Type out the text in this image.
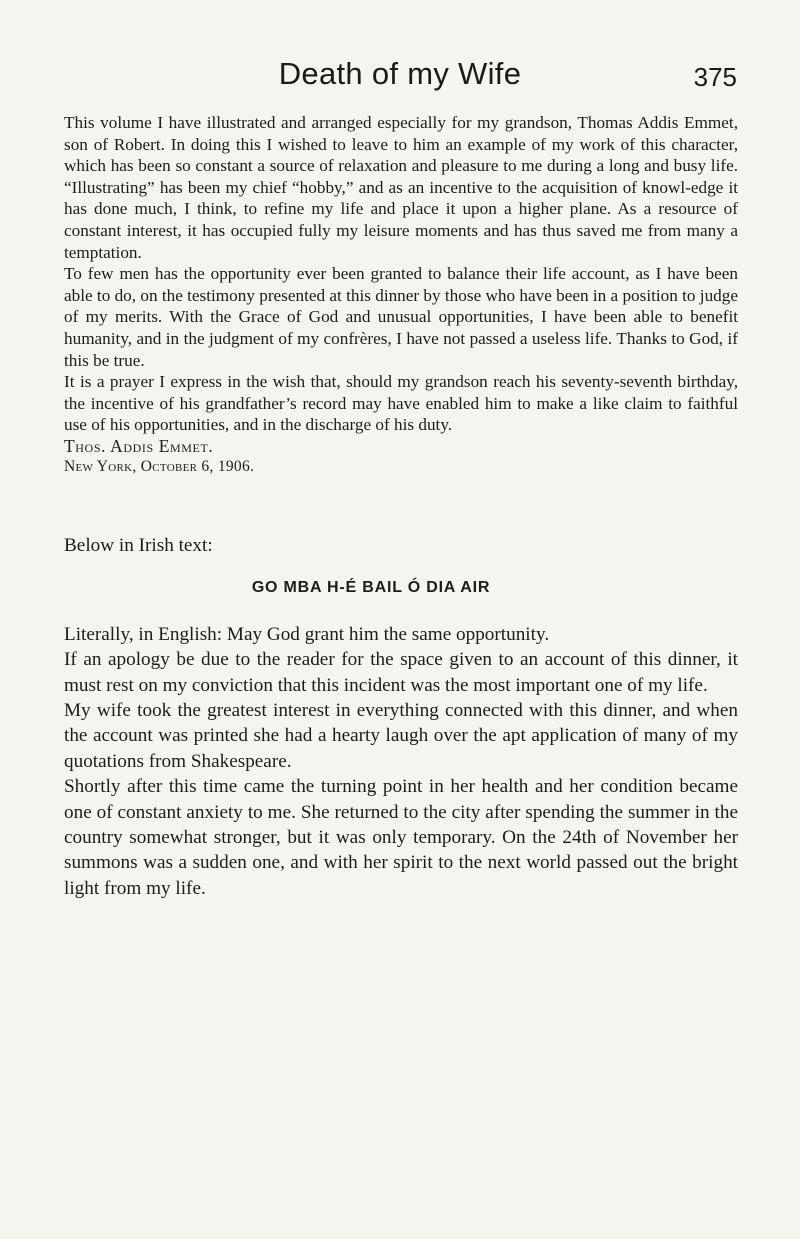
Death of my Wife	375

This volume I have illustrated and arranged especially for my grandson, Thomas Addis Emmet, son of Robert. In doing this I wished to leave to him an example of my work of this character, which has been so constant a source of relaxation and pleasure to me during a long and busy life. “Illustrating” has been my chief “hobby,” and as an incentive to the acquisition of knowl-edge it has done much, I think, to refine my life and place it upon a higher plane. As a resource of constant interest, it has occupied fully my leisure moments and has thus saved me from many a temptation.

To few men has the opportunity ever been granted to balance their life account, as I have been able to do, on the testimony presented at this dinner by those who have been in a position to judge of my merits. With the Grace of God and unusual opportunities, I have been able to benefit humanity, and in the judgment of my confrères, I have not passed a useless life. Thanks to God, if this be true.

It is a prayer I express in the wish that, should my grandson reach his seventy-seventh birthday, the incentive of his grandfather’s record may have enabled him to make a like claim to faithful use of his opportunities, and in the discharge of his duty.

Thos. Addis Emmet.

New York, October 6, 1906.

Below in Irish text:

GO MBA H-É BAIL Ó DIA AIR

Literally, in English: May God grant him the same opportunity.

If an apology be due to the reader for the space given to an account of this dinner, it must rest on my conviction that this incident was the most important one of my life.

My wife took the greatest interest in everything connected with this dinner, and when the account was printed she had a hearty laugh over the apt application of many of my quotations from Shakespeare.

Shortly after this time came the turning point in her health and her condition became one of constant anxiety to me. She returned to the city after spending the summer in the country somewhat stronger, but it was only temporary. On the 24th of November her summons was a sudden one, and with her spirit to the next world passed out the bright light from my life.
